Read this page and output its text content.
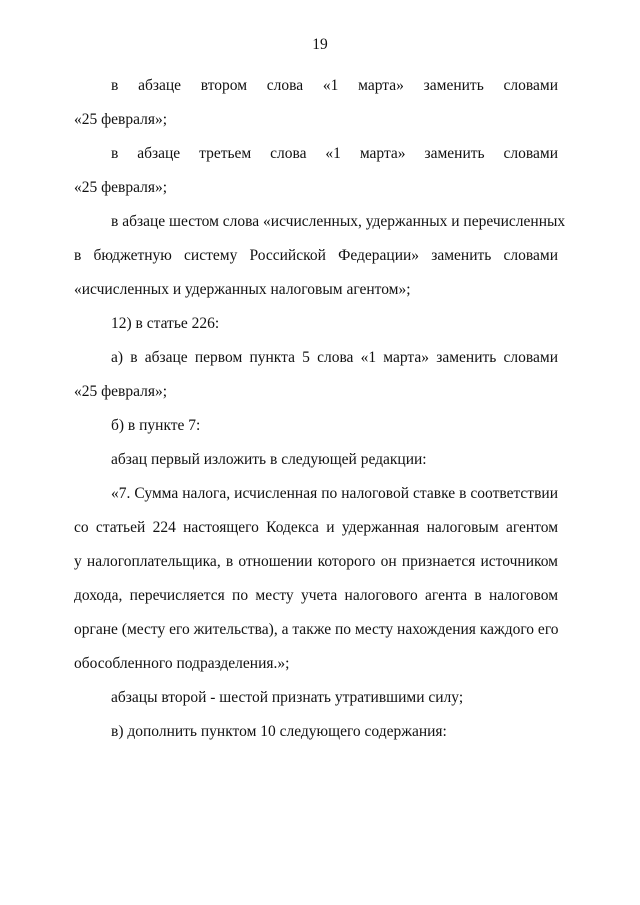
19
в абзаце втором слова «1 марта» заменить словами
«25 февраля»;
в абзаце третьем слова «1 марта» заменить словами
«25 февраля»;
в абзаце шестом слова «исчисленных, удержанных и перечисленных
в бюджетную систему Российской Федерации» заменить словами
«исчисленных и удержанных налоговым агентом»;
12) в статье 226:
а) в абзаце первом пункта 5 слова «1 марта» заменить словами
«25 февраля»;
б) в пункте 7:
абзац первый изложить в следующей редакции:
«7. Сумма налога, исчисленная по налоговой ставке в соответствии
со статьей 224 настоящего Кодекса и удержанная налоговым агентом
у налогоплательщика, в отношении которого он признается источником
дохода, перечисляется по месту учета налогового агента в налоговом
органе (месту его жительства), а также по месту нахождения каждого его
обособленного подразделения.»;
абзацы второй - шестой признать утратившими силу;
в) дополнить пунктом 10 следующего содержания:
